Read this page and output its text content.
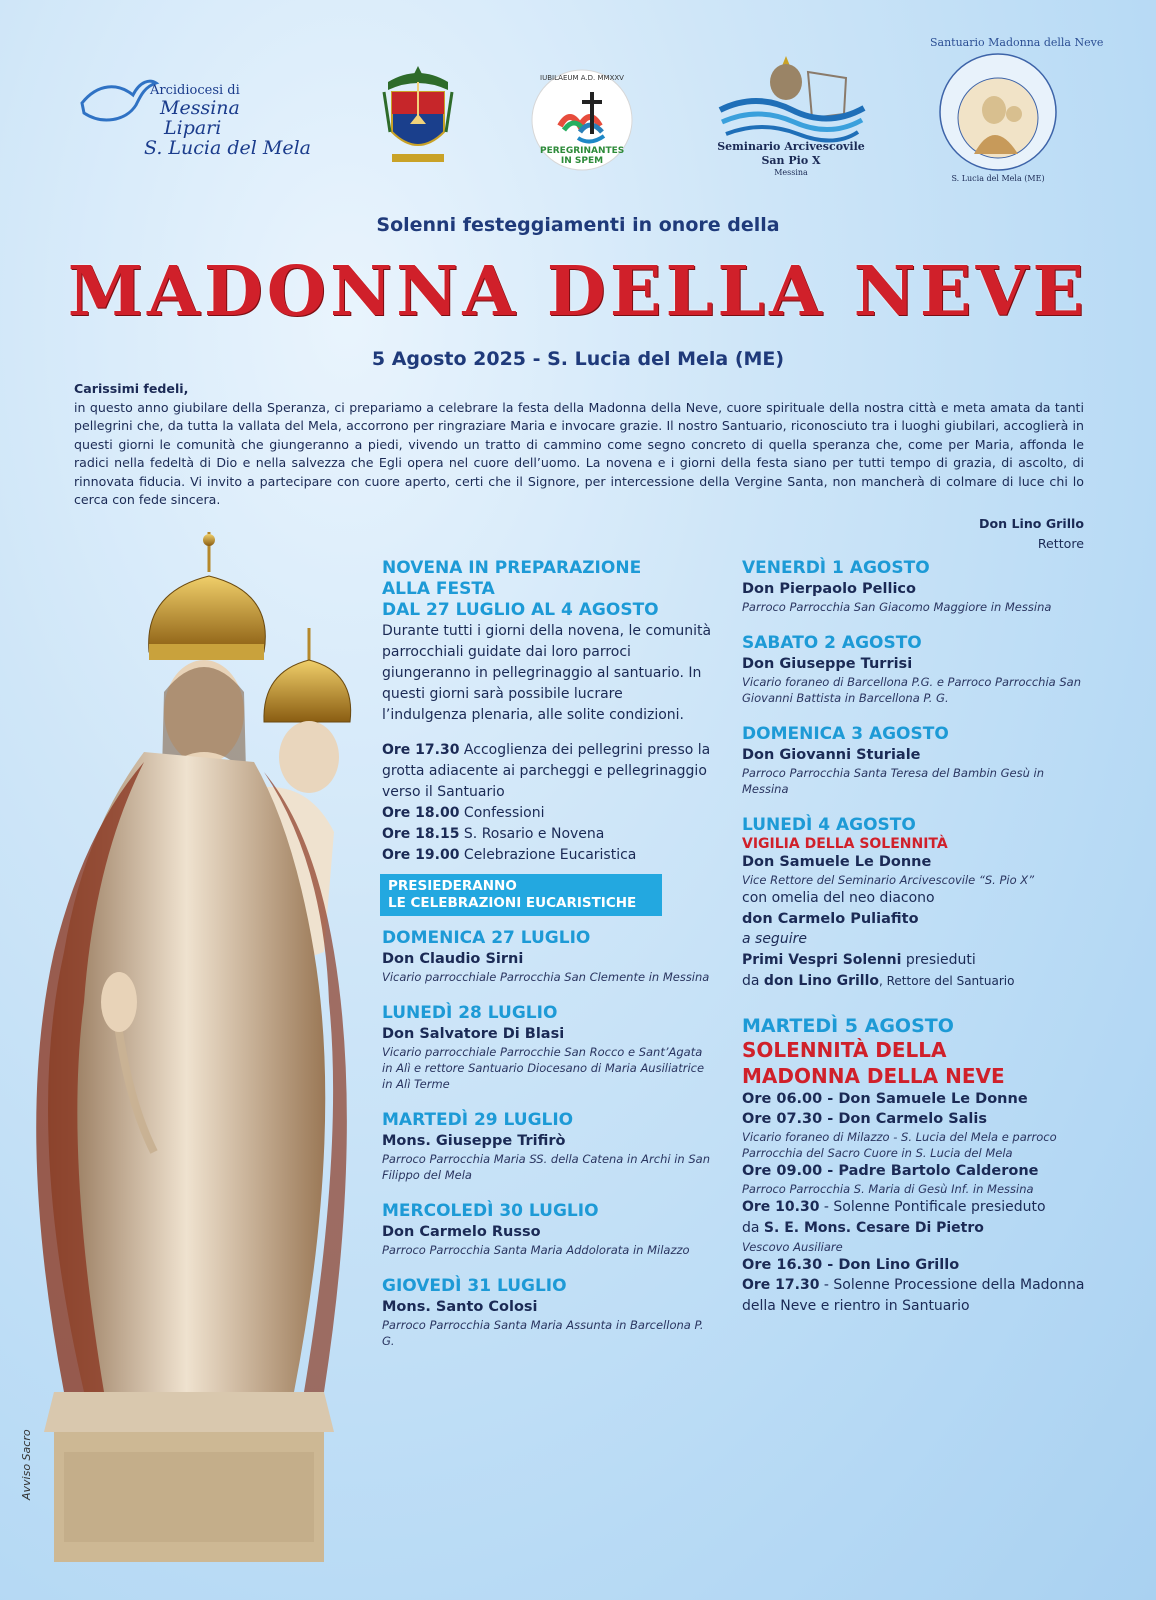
Arcidiocesi di
Messina
Lipari
S. Lucia del Mela
IUBILAEUM A.D. MMXXV
PEREGRINANTES IN SPEM
Seminario Arcivescovile
San Pio X
Messina
Santuario Madonna della Neve
S. Lucia del Mela (ME)
Solenni festeggiamenti in onore della
MADONNA DELLA NEVE
5 Agosto 2025 - S. Lucia del Mela (ME)
Carissimi fedeli,
in questo anno giubilare della Speranza, ci prepariamo a celebrare la festa della Madonna della Neve, cuore spirituale della nostra città e meta amata da tanti pellegrini che, da tutta la vallata del Mela, accorrono per ringraziare Maria e invocare grazie. Il nostro Santuario, riconosciuto tra i luoghi giubilari, accoglierà in questi giorni le comunità che giungeranno a piedi, vivendo un tratto di cammino come segno concreto di quella speranza che, come per Maria, affonda le radici nella fedeltà di Dio e nella salvezza che Egli opera nel cuore dell’uomo. La novena e i giorni della festa siano per tutti tempo di grazia, di ascolto, di rinnovata fiducia. Vi invito a partecipare con cuore aperto, certi che il Signore, per intercessione della Vergine Santa, non mancherà di colmare di luce chi lo cerca con fede sincera.
Don Lino Grillo
Rettore
Avviso Sacro
NOVENA IN PREPARAZIONE
ALLA FESTA
DAL 27 LUGLIO AL 4 AGOSTO
Durante tutti i giorni della novena, le comunità parrocchiali guidate dai loro parroci giungeranno in pellegrinaggio al santuario. In questi giorni sarà possibile lucrare l’indulgenza plenaria, alle solite condizioni.
Ore 17.30 Accoglienza dei pellegrini presso la grotta adiacente ai parcheggi e pellegrinaggio verso il Santuario
Ore 18.00 Confessioni
Ore 18.15 S. Rosario e Novena
Ore 19.00 Celebrazione Eucaristica
PRESIEDERANNO
LE CELEBRAZIONI EUCARISTICHE
DOMENICA 27 LUGLIO
Don Claudio Sirni
Vicario parrocchiale Parrocchia San Clemente in Messina
LUNEDÌ 28 LUGLIO
Don Salvatore Di Blasi
Vicario parrocchiale Parrocchie San Rocco e Sant’Agata in Alì e rettore Santuario Diocesano di Maria Ausiliatrice in Alì Terme
MARTEDÌ 29 LUGLIO
Mons. Giuseppe Trifirò
Parroco Parrocchia Maria SS. della Catena in Archi in San Filippo del Mela
MERCOLEDÌ 30 LUGLIO
Don Carmelo Russo
Parroco Parrocchia Santa Maria Addolorata in Milazzo
GIOVEDÌ 31 LUGLIO
Mons. Santo Colosi
Parroco Parrocchia Santa Maria Assunta in Barcellona P. G.
VENERDÌ 1 AGOSTO
Don Pierpaolo Pellico
Parroco Parrocchia San Giacomo Maggiore in Messina
SABATO 2 AGOSTO
Don Giuseppe Turrisi
Vicario foraneo di Barcellona P.G. e Parroco Parrocchia San Giovanni Battista in Barcellona P. G.
DOMENICA 3 AGOSTO
Don Giovanni Sturiale
Parroco Parrocchia Santa Teresa del Bambin Gesù in Messina
LUNEDÌ 4 AGOSTO
VIGILIA DELLA SOLENNITÀ
Don Samuele Le Donne
Vice Rettore del Seminario Arcivescovile “S. Pio X”
con omelia del neo diacono
don Carmelo Puliafito
a seguire
Primi Vespri Solenni presieduti
da don Lino Grillo, Rettore del Santuario
MARTEDÌ 5 AGOSTO
SOLENNITÀ DELLA
MADONNA DELLA NEVE
Ore 06.00 - Don Samuele Le Donne
Ore 07.30 - Don Carmelo Salis
Vicario foraneo di Milazzo - S. Lucia del Mela e parroco Parrocchia del Sacro Cuore in S. Lucia del Mela
Ore 09.00 - Padre Bartolo Calderone
Parroco Parrocchia S. Maria di Gesù Inf. in Messina
Ore 10.30 - Solenne Pontificale presieduto
da S. E. Mons. Cesare Di Pietro
Vescovo Ausiliare
Ore 16.30 - Don Lino Grillo
Ore 17.30 - Solenne Processione della Madonna della Neve e rientro in Santuario
